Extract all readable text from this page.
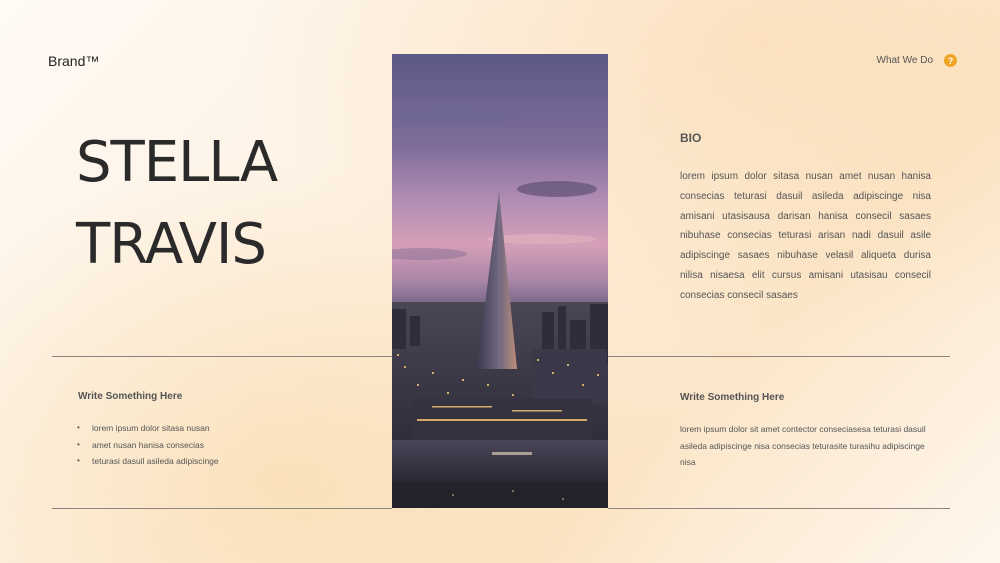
Brand™	What We Do	?
STELLA
TRAVIS
BIO

lorem ipsum dolor sitasa nusan amet nusan hanisa consecias teturasi dasuil asileda adipiscinge nisa amisani utasisausa darisan hanisa consecil sasaes nibuhase consecias teturasi arisan nadi dasuil asile adipiscinge sasaes nibuhase velasil aliqueta durisa nilisa nisaesa elit cursus amisani utasisau consecil consecias consecil sasaes

Write Something Here
• lorem ipsum dolor sitasa nusan
• amet nusan hanisa consecias
• teturasi dasuil asileda adipiscinge
Write Something Here

lorem ipsum dolor sit amet contector conseciasesa teturasi dasuil asileda adipiscinge nisa consecias teturasite turasihu adipiscinge nisa
